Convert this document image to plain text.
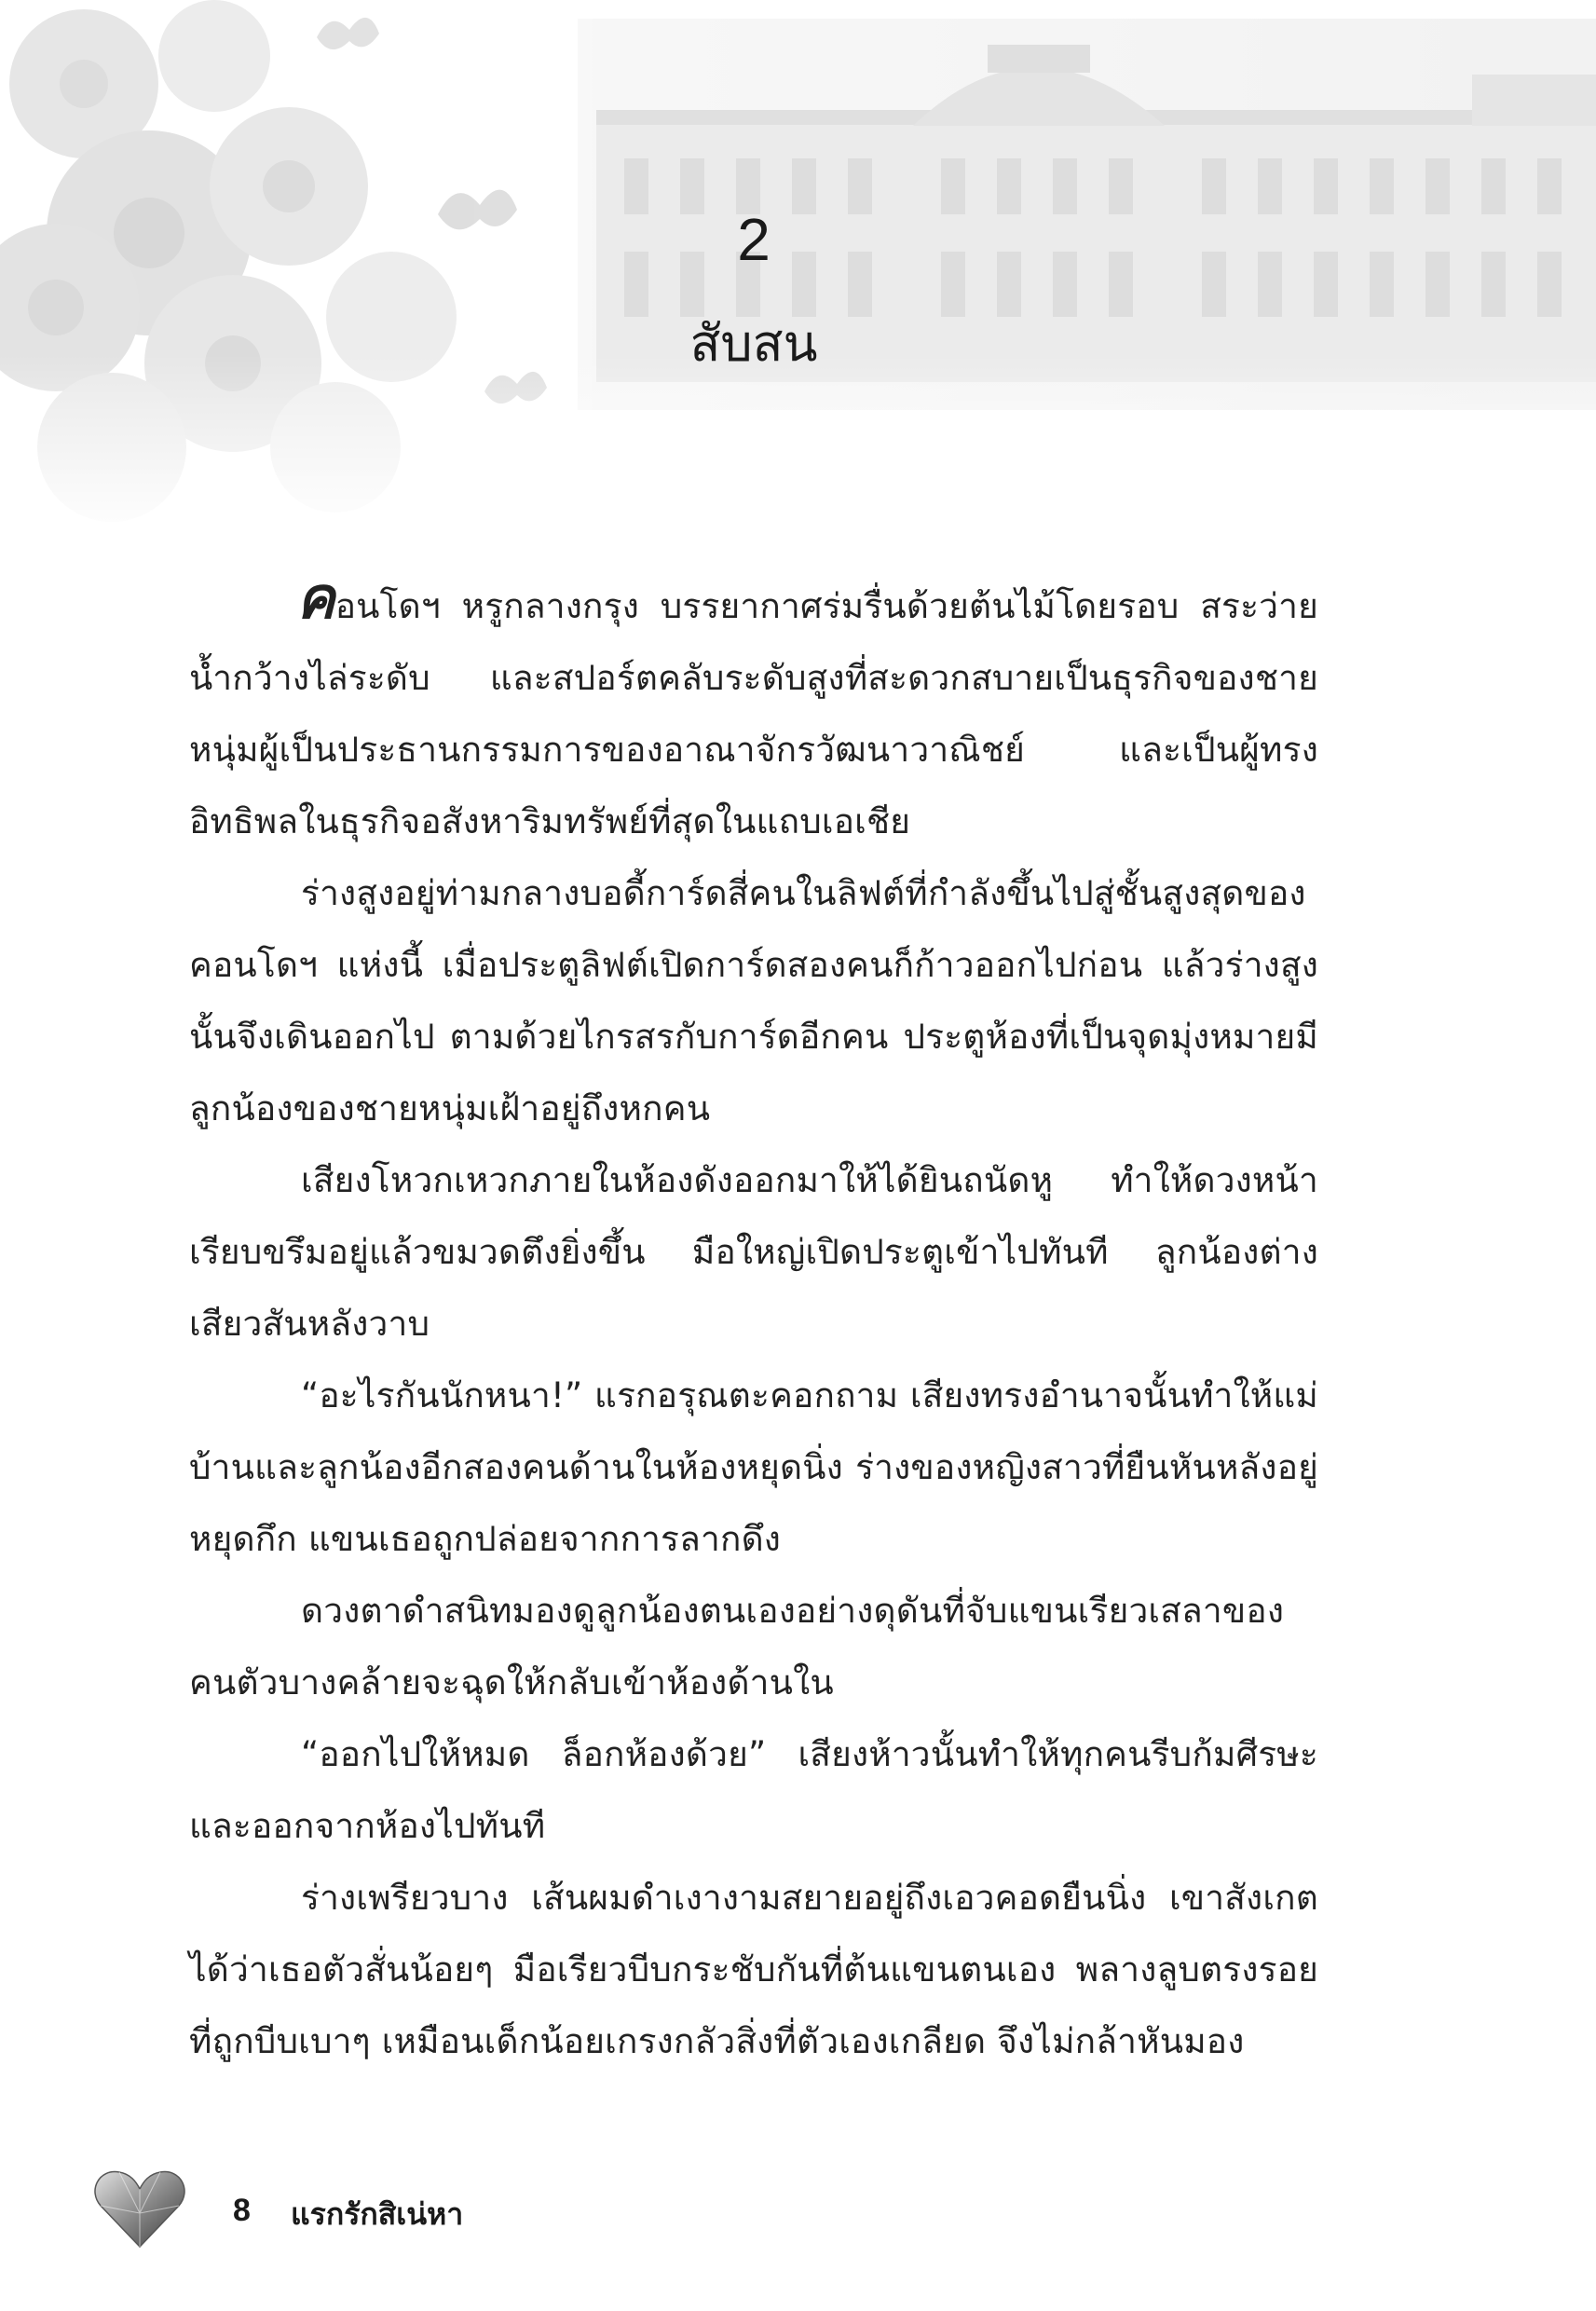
2
สับสน

คอนโดฯ หรูกลางกรุง บรรยากาศร่มรื่นด้วยต้นไม้โดยรอบ สระว่ายน้ำกว้างไล่ระดับ และสปอร์ตคลับระดับสูงที่สะดวกสบายเป็นธุรกิจของชายหนุ่มผู้เป็นประธานกรรมการของอาณาจักรวัฒนาวาณิชย์ และเป็นผู้ทรงอิทธิพลในธุรกิจอสังหาริมทรัพย์ที่สุดในแถบเอเชีย

ร่างสูงอยู่ท่ามกลางบอดี้การ์ดสี่คนในลิฟต์ที่กำลังขึ้นไปสู่ชั้นสูงสุดของคอนโดฯ แห่งนี้ เมื่อประตูลิฟต์เปิดการ์ดสองคนก็ก้าวออกไปก่อน แล้วร่างสูงนั้นจึงเดินออกไป ตามด้วยไกรสรกับการ์ดอีกคน ประตูห้องที่เป็นจุดมุ่งหมายมีลูกน้องของชายหนุ่มเฝ้าอยู่ถึงหกคน

เสียงโหวกเหวกภายในห้องดังออกมาให้ได้ยินถนัดหู ทำให้ดวงหน้าเรียบขรึมอยู่แล้วขมวดตึงยิ่งขึ้น มือใหญ่เปิดประตูเข้าไปทันที ลูกน้องต่างเสียวสันหลังวาบ

“อะไรกันนักหนา!” แรกอรุณตะคอกถาม เสียงทรงอำนาจนั้นทำให้แม่บ้านและลูกน้องอีกสองคนด้านในห้องหยุดนิ่ง ร่างของหญิงสาวที่ยืนหันหลังอยู่หยุดกึก แขนเธอถูกปล่อยจากการลากดึง

ดวงตาดำสนิทมองดูลูกน้องตนเองอย่างดุดันที่จับแขนเรียวเสลาของคนตัวบางคล้ายจะฉุดให้กลับเข้าห้องด้านใน

“ออกไปให้หมด ล็อกห้องด้วย” เสียงห้าวนั้นทำให้ทุกคนรีบก้มศีรษะและออกจากห้องไปทันที

ร่างเพรียวบาง เส้นผมดำเงางามสยายอยู่ถึงเอวคอดยืนนิ่ง เขาสังเกตได้ว่าเธอตัวสั่นน้อยๆ มือเรียวบีบกระชับกันที่ต้นแขนตนเอง พลางลูบตรงรอยที่ถูกบีบเบาๆ เหมือนเด็กน้อยเกรงกลัวสิ่งที่ตัวเองเกลียด จึงไม่กล้าหันมอง

8 แรกรักสิเน่หา
